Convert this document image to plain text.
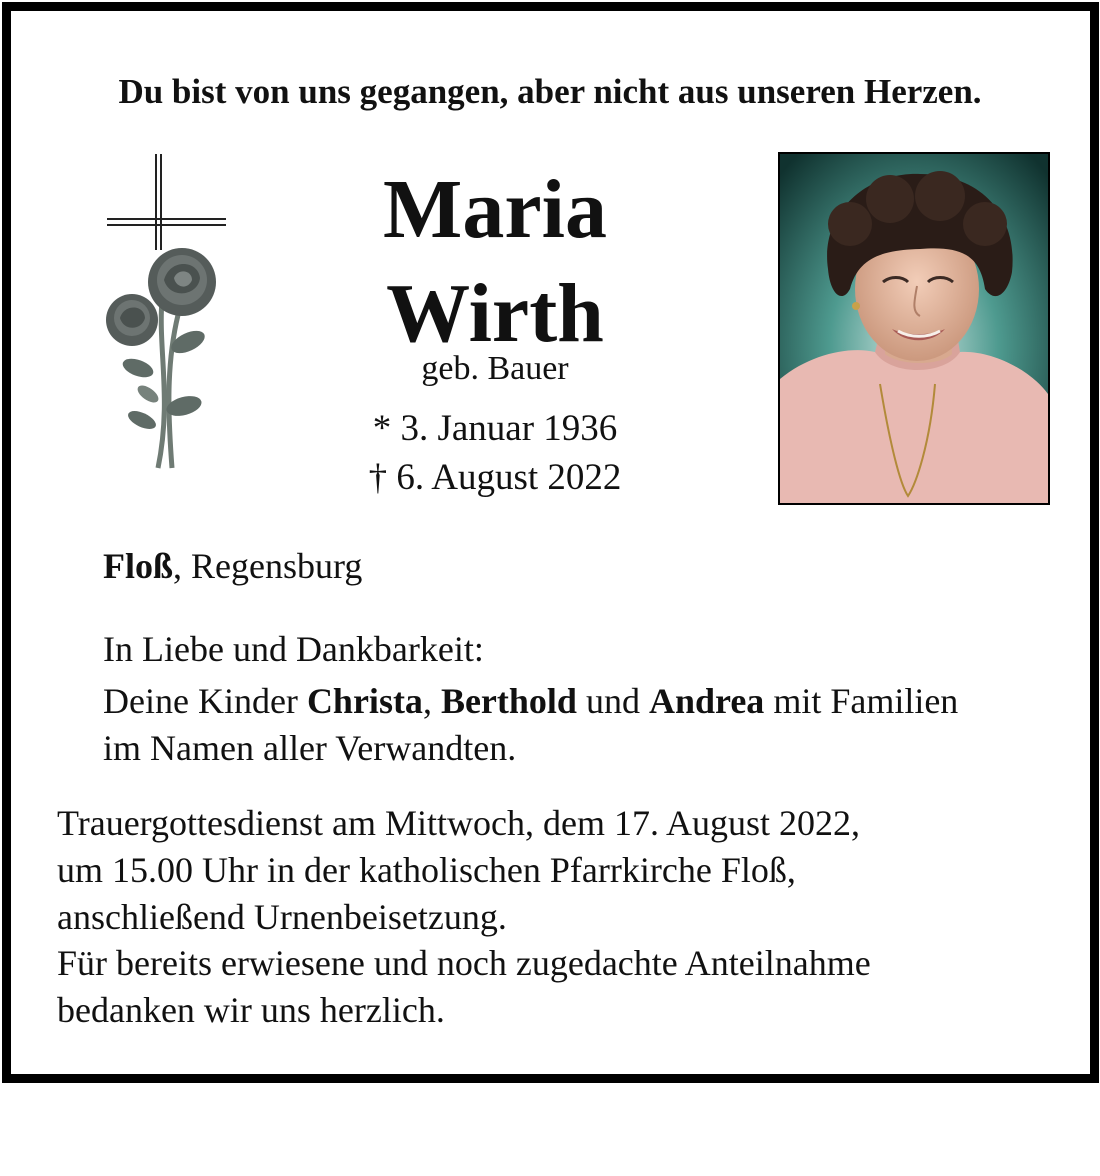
Du bist von uns gegangen, aber nicht aus unseren Herzen.
Maria
Wirth
geb. Bauer
* 3. Januar 1936
† 6. August 2022
Floß, Regensburg
In Liebe und Dankbarkeit:
Deine Kinder Christa, Berthold und Andrea mit Familien
im Namen aller Verwandten.
Trauergottesdienst am Mittwoch, dem 17. August 2022,
um 15.00 Uhr in der katholischen Pfarrkirche Floß,
anschließend Urnenbeisetzung.
Für bereits erwiesene und noch zugedachte Anteilnahme
bedanken wir uns herzlich.
